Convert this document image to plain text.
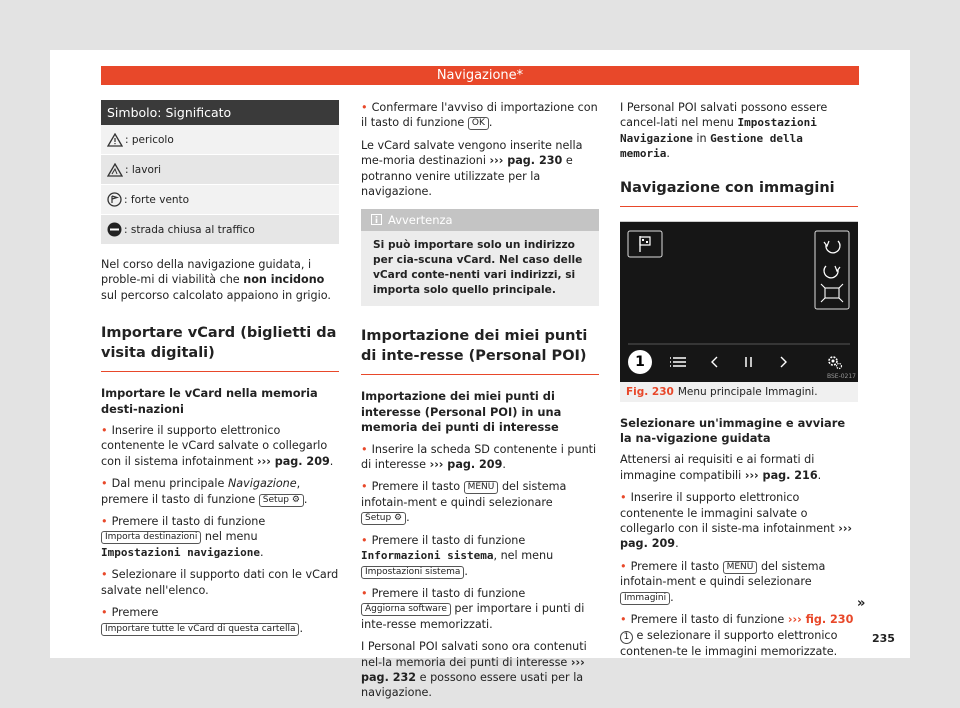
Navigazione*
Simbolo: Significato
: pericolo
: lavori
: forte vento
: strada chiusa al traffico

Nel corso della navigazione guidata, i proble-mi di viabilità che non incidono sul percorso calcolato appaiono in grigio.

Importare vCard (biglietti da visita digitali)
Importare le vCard nella memoria desti-nazioni

• Inserire il supporto elettronico contenente le vCard salvate o collegarlo con il sistema infotainment ››› pag. 209.

• Dal menu principale Navigazione, premere il tasto di funzione Setup ⚙ .

• Premere il tasto di funzione Importa destinazioni nel menu Impostazioni navigazione.

• Selezionare il supporto dati con le vCard salvate nell'elenco.

• Premere
Importare tutte le vCard di questa cartella .

• Confermare l'avviso di importazione con il tasto di funzione OK .

Le vCard salvate vengono inserite nella me-moria destinazioni ››› pag. 230 e potranno venire utilizzate per la navigazione.

Avvertenza
Si può importare solo un indirizzo per cia-scuna vCard. Nel caso delle vCard conte-nenti vari indirizzi, si importa solo quello principale.
Importazione dei miei punti di inte-resse (Personal POI)
Importazione dei miei punti di interesse (Personal POI) in una memoria dei punti di interesse

• Inserire la scheda SD contenente i punti di interesse ››› pag. 209.

• Premere il tasto MENU del sistema infotain-ment e quindi selezionare Setup ⚙ .

• Premere il tasto di funzione Informazioni sistema, nel menu Impostazioni sistema .

• Premere il tasto di funzione
Aggiorna software per importare i punti di inte-resse memorizzati.

I Personal POI salvati sono ora contenuti nel-la memoria dei punti di interesse ››› pag. 232 e possono essere usati per la navigazione.

I Personal POI salvati possono essere cancel-lati nel menu Impostazioni Navigazione in Gestione della memoria.

Navigazione con immagini
1
BSE-0217
Fig. 230 Menu principale Immagini.
Selezionare un'immagine e avviare la na-vigazione guidata

Attenersi ai requisiti e ai formati di immagine compatibili ››› pag. 216.

• Inserire il supporto elettronico contenente le immagini salvate o collegarlo con il siste-ma infotainment ››› pag. 209.

• Premere il tasto MENU del sistema infotain-ment e quindi selezionare Immagini .

• Premere il tasto di funzione ››› fig. 230 1 e selezionare il supporto elettronico contenen-te le immagini memorizzate.

»
235
